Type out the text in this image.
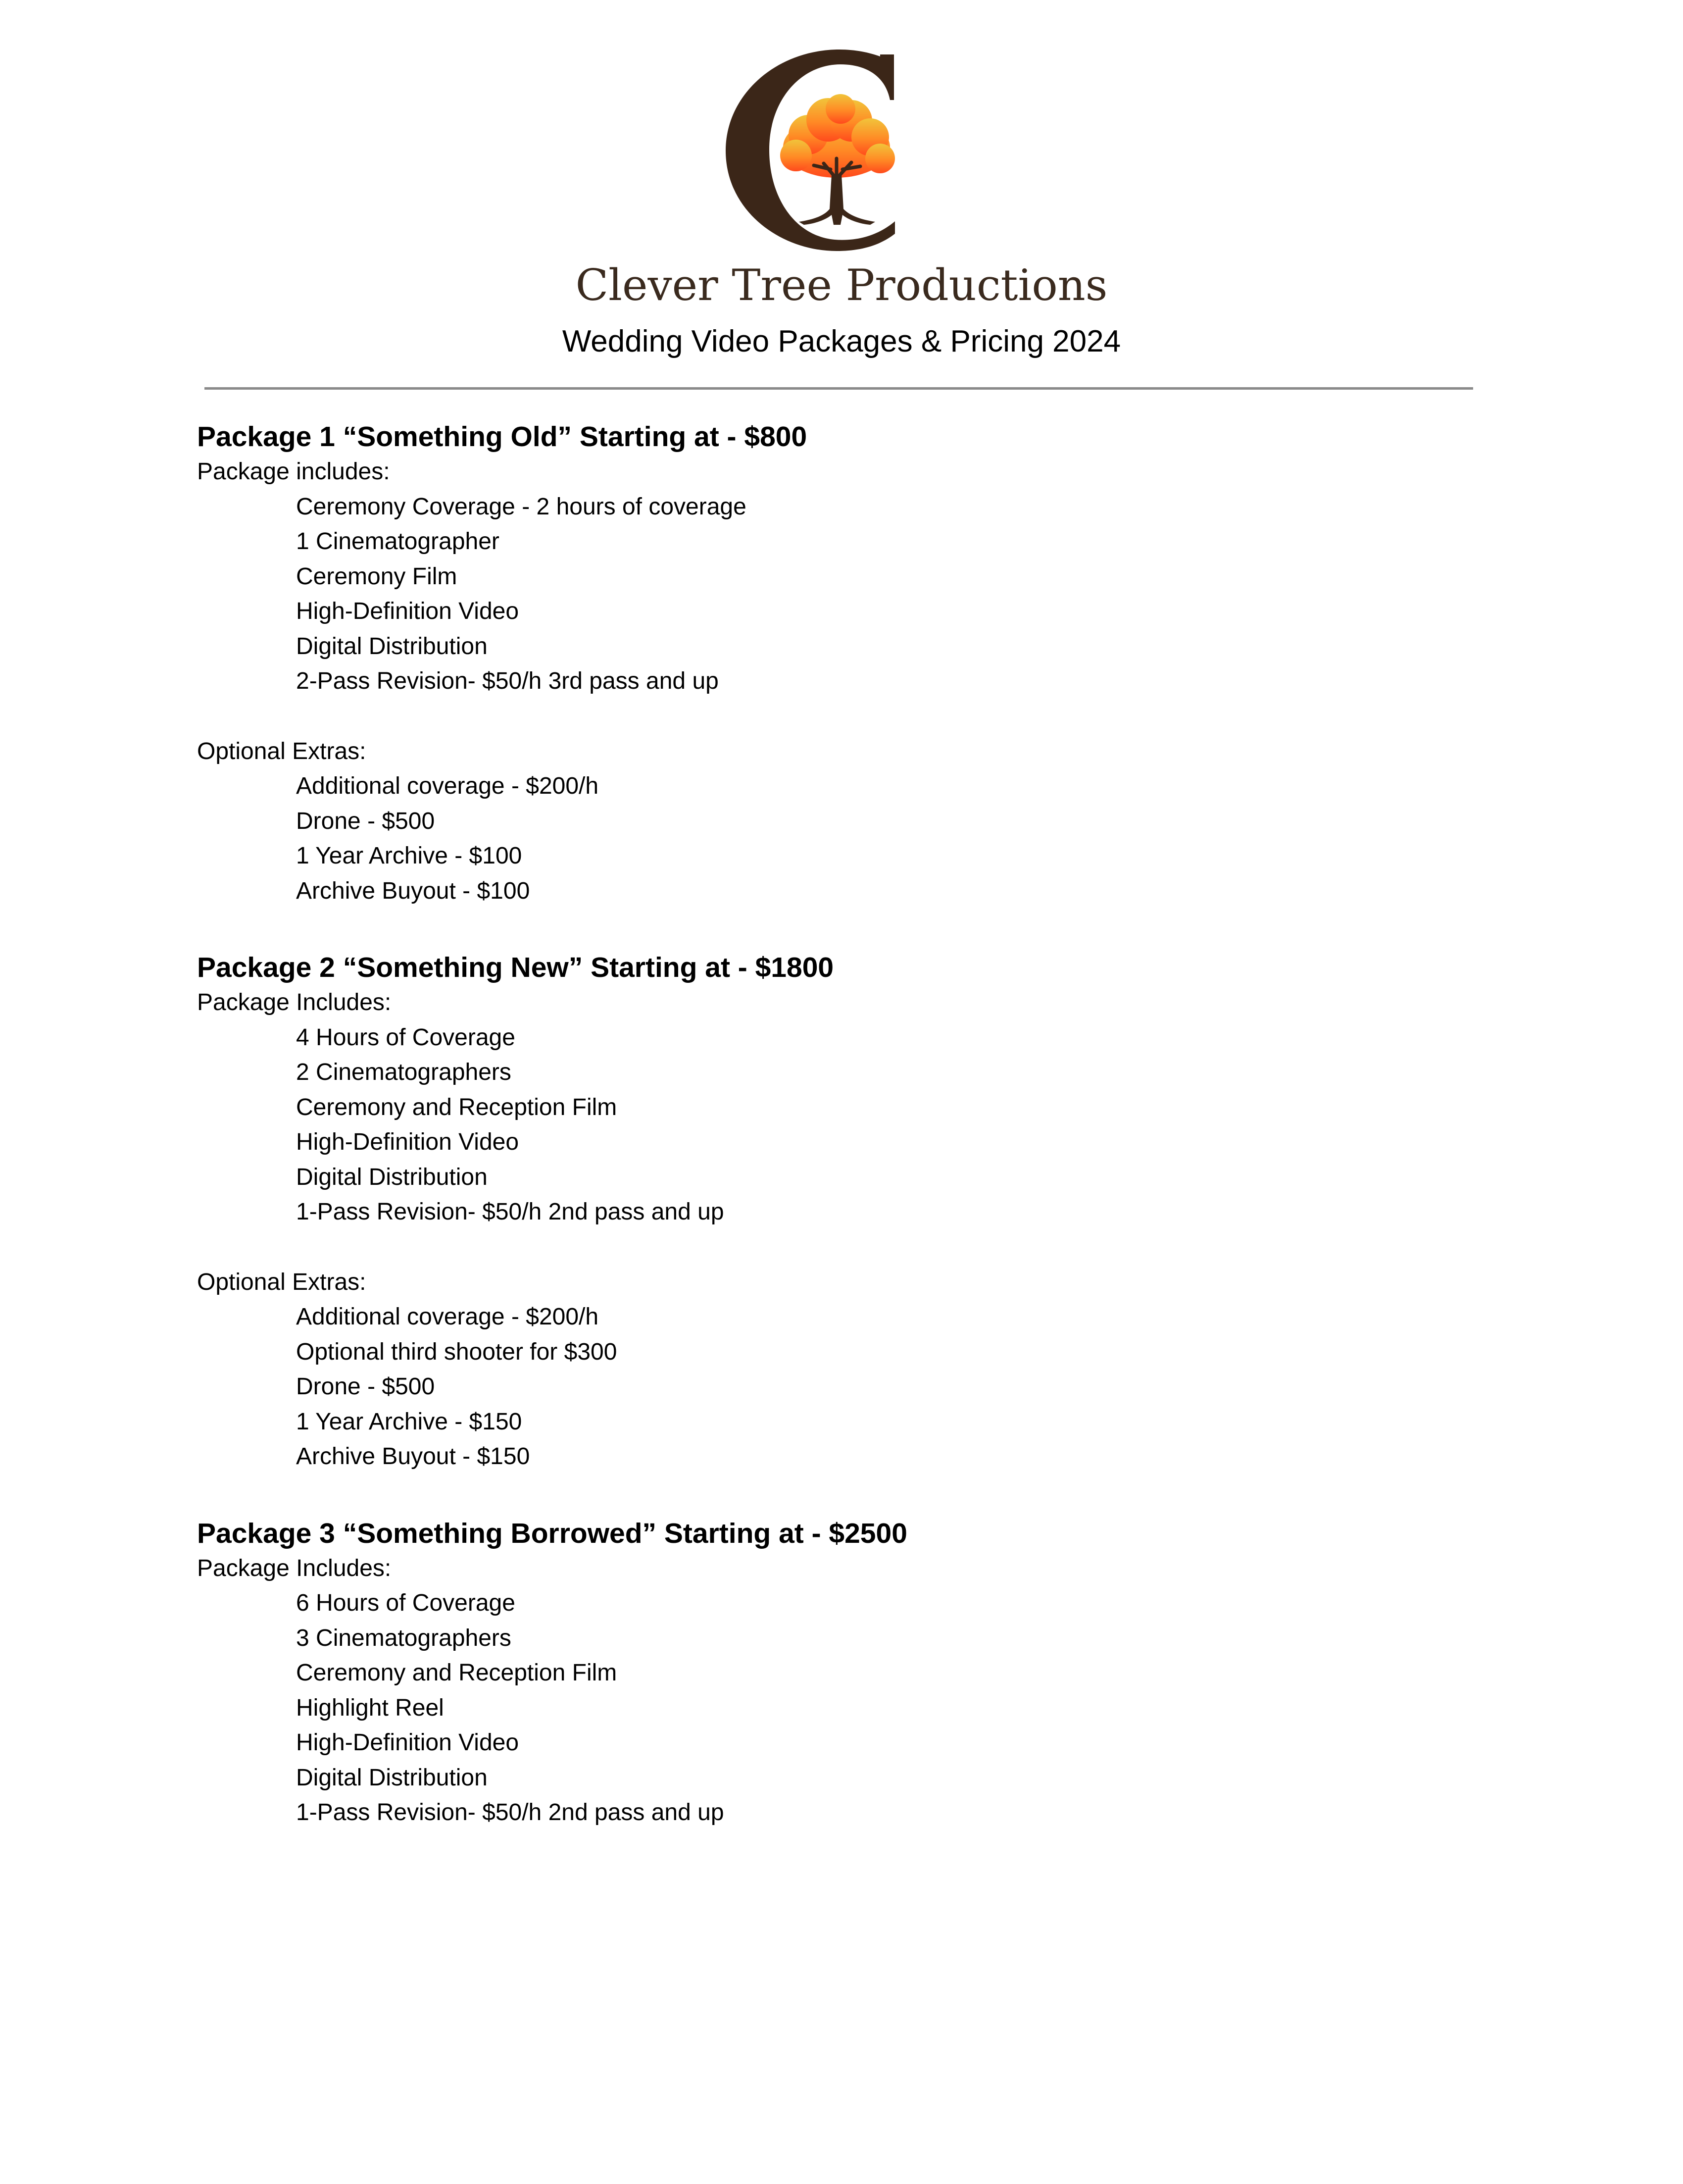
Clever Tree Productions
Wedding Video Packages & Pricing 2024
Package 1 “Something Old” Starting at - $800
Package includes:
Ceremony Coverage - 2 hours of coverage
1 Cinematographer
Ceremony Film
High-Definition Video
Digital Distribution
2-Pass Revision- $50/h 3rd pass and up
Optional Extras:
Additional coverage - $200/h
Drone - $500
1 Year Archive - $100
Archive Buyout - $100
Package 2 “Something New” Starting at - $1800
Package Includes:
4 Hours of Coverage
2 Cinematographers
Ceremony and Reception Film
High-Definition Video
Digital Distribution
1-Pass Revision- $50/h 2nd pass and up
Optional Extras:
Additional coverage - $200/h
Optional third shooter for $300
Drone - $500
1 Year Archive - $150
Archive Buyout - $150
Package 3 “Something Borrowed” Starting at - $2500
Package Includes:
6 Hours of Coverage
3 Cinematographers
Ceremony and Reception Film
Highlight Reel
High-Definition Video
Digital Distribution
1-Pass Revision- $50/h 2nd pass and up
